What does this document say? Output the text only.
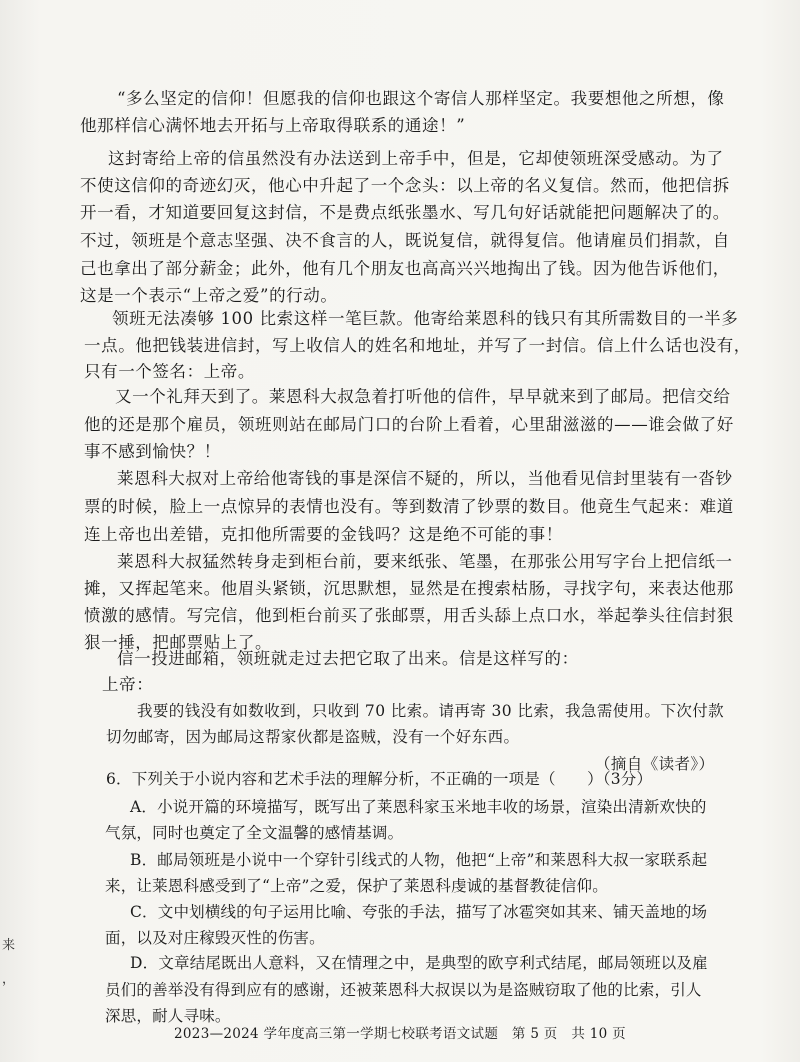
“多么坚定的信仰！但愿我的信仰也跟这个寄信人那样坚定。我要想他之所想，像
他那样信心满怀地去开拓与上帝取得联系的通途！”
这封寄给上帝的信虽然没有办法送到上帝手中，但是，它却使领班深受感动。为了
不使这信仰的奇迹幻灭，他心中升起了一个念头：以上帝的名义复信。然而，他把信拆
开一看，才知道要回复这封信，不是费点纸张墨水、写几句好话就能把问题解决了的。
不过，领班是个意志坚强、决不食言的人，既说复信，就得复信。他请雇员们捐款，自
己也拿出了部分薪金；此外，他有几个朋友也高高兴兴地掏出了钱。因为他告诉他们，
这是一个表示“上帝之爱”的行动。
领班无法凑够 100 比索这样一笔巨款。他寄给莱恩科的钱只有其所需数目的一半多
一点。他把钱装进信封，写上收信人的姓名和地址，并写了一封信。信上什么话也没有，
只有一个签名：上帝。
又一个礼拜天到了。莱恩科大叔急着打听他的信件，早早就来到了邮局。把信交给
他的还是那个雇员，领班则站在邮局门口的台阶上看着，心里甜滋滋的——谁会做了好
事不感到愉快？！
莱恩科大叔对上帝给他寄钱的事是深信不疑的，所以，当他看见信封里装有一沓钞
票的时候，脸上一点惊异的表情也没有。等到数清了钞票的数目。他竟生气起来：难道
连上帝也出差错，克扣他所需要的金钱吗？这是绝不可能的事！
莱恩科大叔猛然转身走到柜台前，要来纸张、笔墨，在那张公用写字台上把信纸一
摊，又挥起笔来。他眉头紧锁，沉思默想，显然是在搜索枯肠，寻找字句，来表达他那
愤激的感情。写完信，他到柜台前买了张邮票，用舌头舔上点口水，举起拳头往信封狠
狠一捶，把邮票贴上了。
信一投进邮箱，领班就走过去把它取了出来。信是这样写的：
上帝：
我要的钱没有如数收到，只收到 70 比索。请再寄 30 比索，我急需使用。下次付款
切勿邮寄，因为邮局这帮家伙都是盗贼，没有一个好东西。
（摘自《读者》）
6．下列关于小说内容和艺术手法的理解分析，不正确的一项是（　　）（3分）
A．小说开篇的环境描写，既写出了莱恩科家玉米地丰收的场景，渲染出清新欢快的
气氛，同时也奠定了全文温馨的感情基调。
B．邮局领班是小说中一个穿针引线式的人物，他把“上帝”和莱恩科大叔一家联系起
来，让莱恩科感受到了“上帝”之爱，保护了莱恩科虔诚的基督教徒信仰。
C．文中划横线的句子运用比喻、夸张的手法，描写了冰雹突如其来、铺天盖地的场
面，以及对庄稼毁灭性的伤害。
D．文章结尾既出人意料，又在情理之中，是典型的欧亨利式结尾，邮局领班以及雇
员们的善举没有得到应有的感谢，还被莱恩科大叔误以为是盗贼窃取了他的比索，引人
深思，耐人寻味。
来
，
2023—2024 学年度高三第一学期七校联考语文试题　第 5 页　共 10 页
